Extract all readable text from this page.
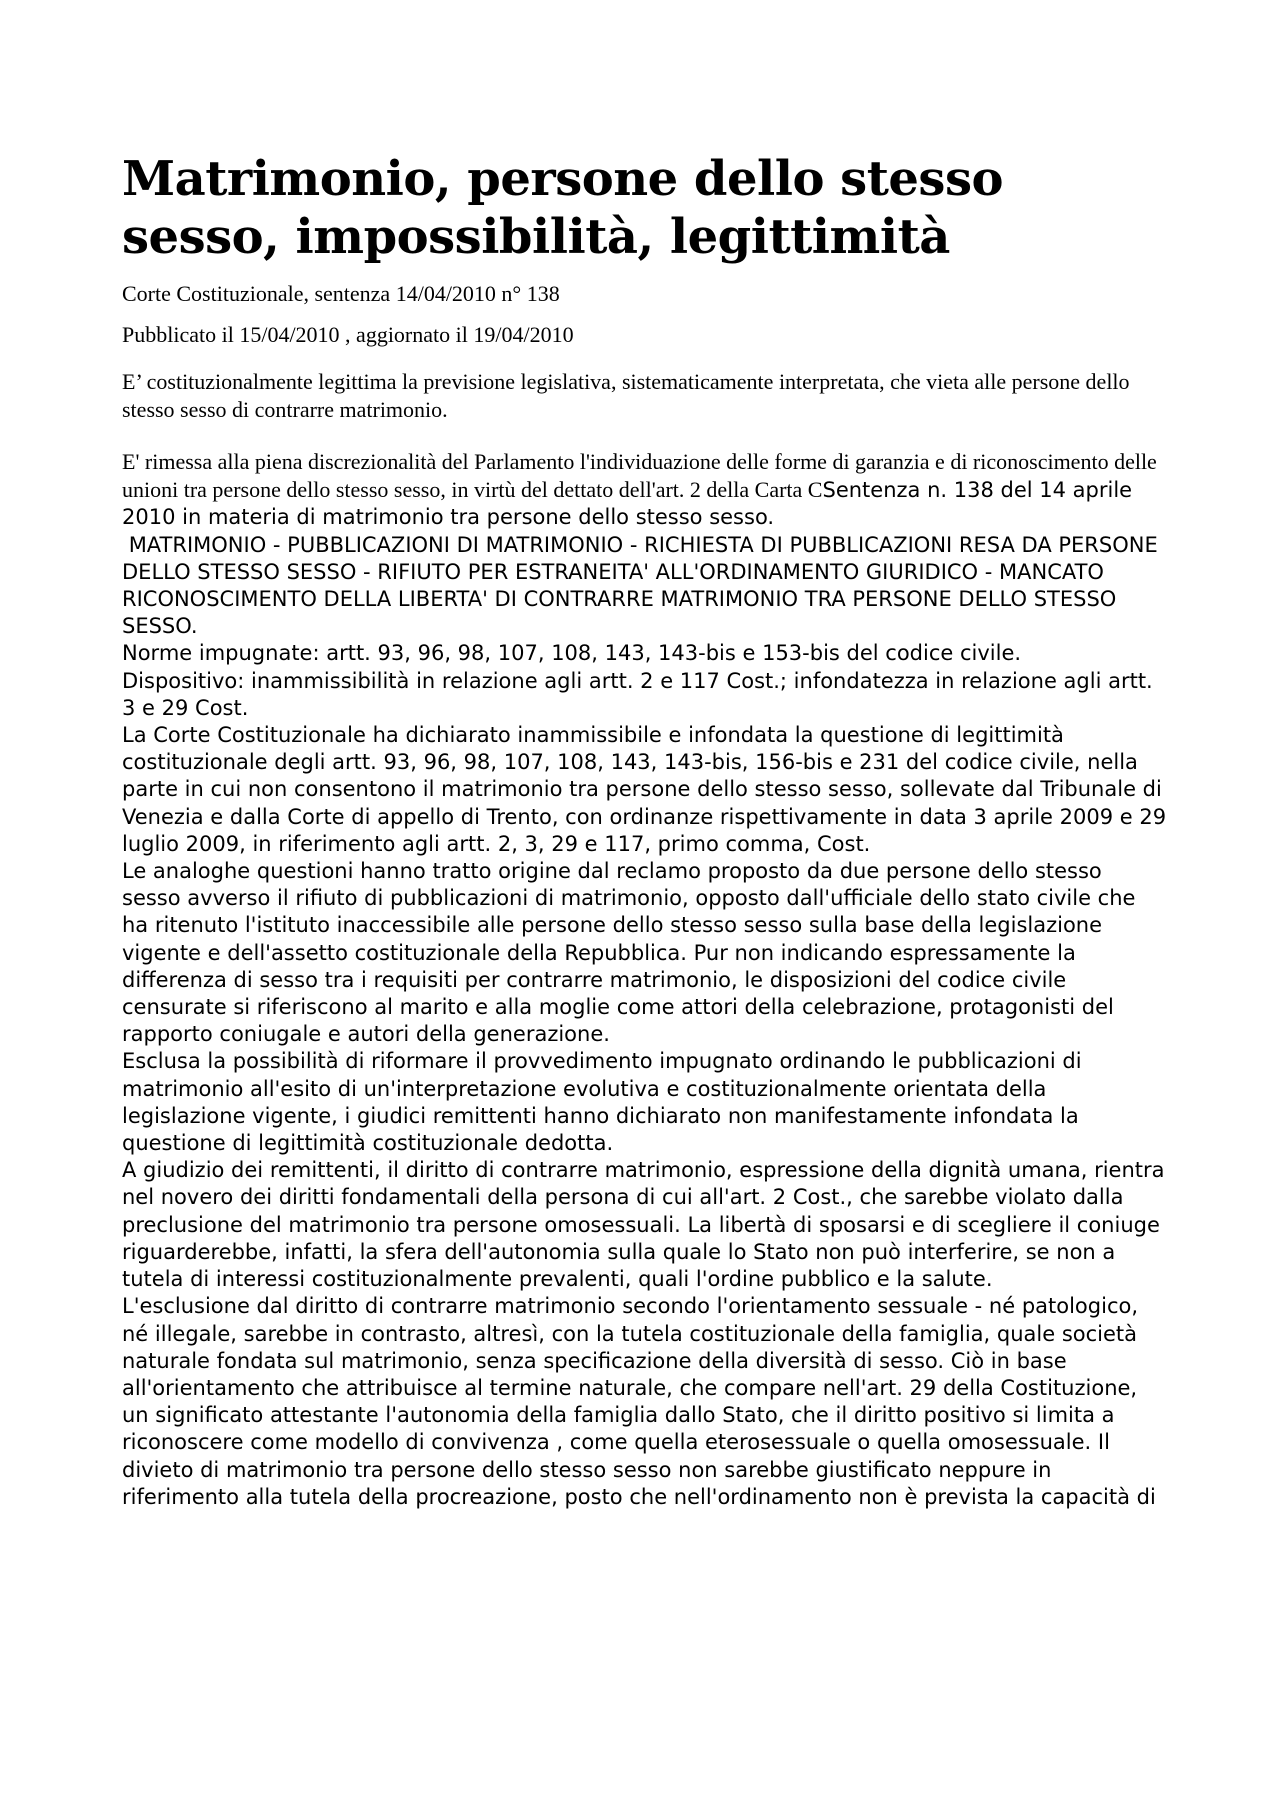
Matrimonio, persone dello stesso sesso, impossibilità, legittimità

Corte Costituzionale, sentenza 14/04/2010 n° 138

Pubblicato il 15/04/2010 , aggiornato il 19/04/2010

E’ costituzionalmente legittima la previsione legislativa, sistematicamente interpretata, che vieta alle persone dello stesso sesso di contrarre matrimonio.

E' rimessa alla piena discrezionalità del Parlamento l'individuazione delle forme di garanzia e di riconoscimento delle unioni tra persone dello stesso sesso, in virtù del dettato dell'art. 2 della Carta CSentenza n. 138 del 14 aprile 2010 in materia di matrimonio tra persone dello stesso sesso.

MATRIMONIO - PUBBLICAZIONI DI MATRIMONIO - RICHIESTA DI PUBBLICAZIONI RESA DA PERSONE DELLO STESSO SESSO - RIFIUTO PER ESTRANEITA' ALL'ORDINAMENTO GIURIDICO - MANCATO RICONOSCIMENTO DELLA LIBERTA' DI CONTRARRE MATRIMONIO TRA PERSONE DELLO STESSO SESSO.

Norme impugnate: artt. 93, 96, 98, 107, 108, 143, 143-bis e 153-bis del codice civile.

Dispositivo: inammissibilità in relazione agli artt. 2 e 117 Cost.; infondatezza in relazione agli artt. 3 e 29 Cost.

La Corte Costituzionale ha dichiarato inammissibile e infondata la questione di legittimità costituzionale degli artt. 93, 96, 98, 107, 108, 143, 143-bis, 156-bis e 231 del codice civile, nella parte in cui non consentono il matrimonio tra persone dello stesso sesso, sollevate dal Tribunale di Venezia e dalla Corte di appello di Trento, con ordinanze rispettivamente in data 3 aprile 2009 e 29 luglio 2009, in riferimento agli artt. 2, 3, 29 e 117, primo comma, Cost.

Le analoghe questioni hanno tratto origine dal reclamo proposto da due persone dello stesso sesso avverso il rifiuto di pubblicazioni di matrimonio, opposto dall'ufficiale dello stato civile che ha ritenuto l'istituto inaccessibile alle persone dello stesso sesso sulla base della legislazione vigente e dell'assetto costituzionale della Repubblica. Pur non indicando espressamente la differenza di sesso tra i requisiti per contrarre matrimonio, le disposizioni del codice civile censurate si riferiscono al marito e alla moglie come attori della celebrazione, protagonisti del rapporto coniugale e autori della generazione.

Esclusa la possibilità di riformare il provvedimento impugnato ordinando le pubblicazioni di matrimonio all'esito di un'interpretazione evolutiva e costituzionalmente orientata della legislazione vigente, i giudici remittenti hanno dichiarato non manifestamente infondata la questione di legittimità costituzionale dedotta.

A giudizio dei remittenti, il diritto di contrarre matrimonio, espressione della dignità umana, rientra nel novero dei diritti fondamentali della persona di cui all'art. 2 Cost., che sarebbe violato dalla preclusione del matrimonio tra persone omosessuali. La libertà di sposarsi e di scegliere il coniuge riguarderebbe, infatti, la sfera dell'autonomia sulla quale lo Stato non può interferire, se non a tutela di interessi costituzionalmente prevalenti, quali l'ordine pubblico e la salute.

L'esclusione dal diritto di contrarre matrimonio secondo l'orientamento sessuale - né patologico, né illegale, sarebbe in contrasto, altresì, con la tutela costituzionale della famiglia, quale società naturale fondata sul matrimonio, senza specificazione della diversità di sesso. Ciò in base all'orientamento che attribuisce al termine naturale, che compare nell'art. 29 della Costituzione, un significato attestante l'autonomia della famiglia dallo Stato, che il diritto positivo si limita a riconoscere come modello di convivenza , come quella eterosessuale o quella omosessuale. Il divieto di matrimonio tra persone dello stesso sesso non sarebbe giustificato neppure in riferimento alla tutela della procreazione, posto che nell'ordinamento non è prevista la capacità di
